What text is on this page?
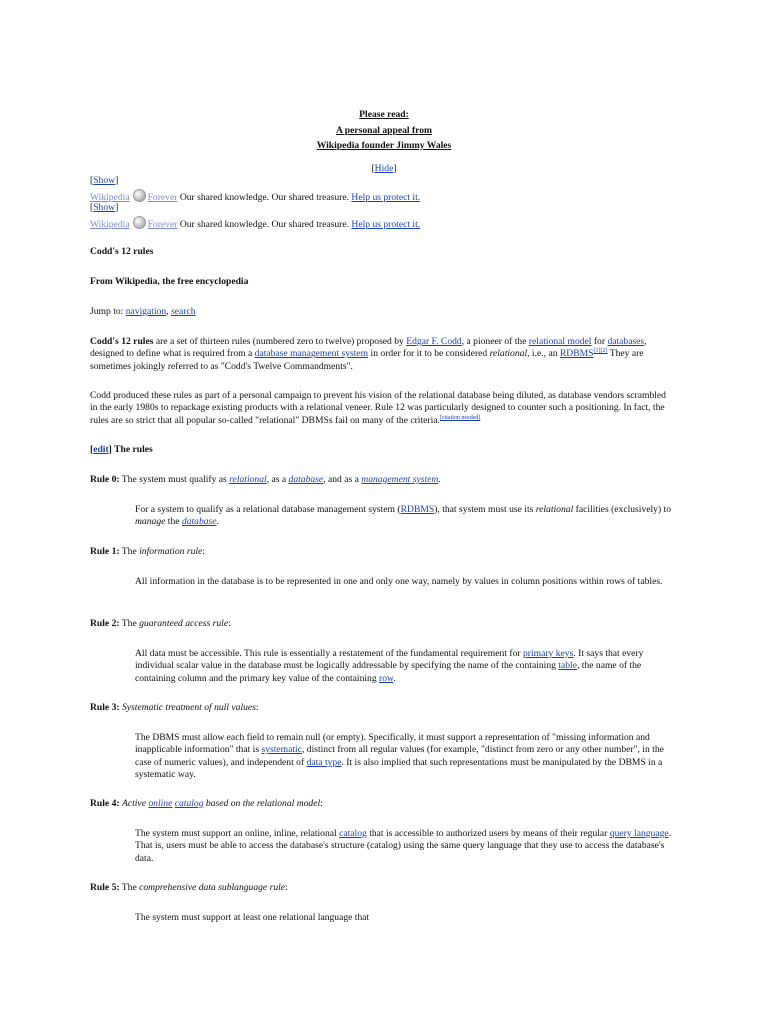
Please read:
A personal appeal from
Wikipedia founder Jimmy Wales
[Hide]
[Show]
Wikipedia Forever Our shared knowledge. Our shared treasure. Help us protect it.
[Show]
Wikipedia Forever Our shared knowledge. Our shared treasure. Help us protect it.
Codd's 12 rules
From Wikipedia, the free encyclopedia
Jump to: navigation, search
Codd's 12 rules are a set of thirteen rules (numbered zero to twelve) proposed by Edgar F. Codd, a pioneer of the relational model for databases, designed to define what is required from a database management system in order for it to be considered relational, i.e., an RDBMS[1][2] They are sometimes jokingly referred to as "Codd's Twelve Commandments".
Codd produced these rules as part of a personal campaign to prevent his vision of the relational database being diluted, as database vendors scrambled in the early 1980s to repackage existing products with a relational veneer. Rule 12 was particularly designed to counter such a positioning. In fact, the rules are so strict that all popular so-called "relational" DBMSs fail on many of the criteria.[citation needed]
[edit] The rules
Rule 0: The system must qualify as relational, as a database, and as a management system.
For a system to qualify as a relational database management system (RDBMS), that system must use its relational facilities (exclusively) to manage the database.
Rule 1: The information rule:
All information in the database is to be represented in one and only one way, namely by values in column positions within rows of tables.
Rule 2: The guaranteed access rule:
All data must be accessible. This rule is essentially a restatement of the fundamental requirement for primary keys. It says that every individual scalar value in the database must be logically addressable by specifying the name of the containing table, the name of the containing column and the primary key value of the containing row.
Rule 3: Systematic treatment of null values:
The DBMS must allow each field to remain null (or empty). Specifically, it must support a representation of "missing information and inapplicable information" that is systematic, distinct from all regular values (for example, "distinct from zero or any other number", in the case of numeric values), and independent of data type. It is also implied that such representations must be manipulated by the DBMS in a systematic way.
Rule 4: Active online catalog based on the relational model:
The system must support an online, inline, relational catalog that is accessible to authorized users by means of their regular query language. That is, users must be able to access the database's structure (catalog) using the same query language that they use to access the database's data.
Rule 5: The comprehensive data sublanguage rule:
The system must support at least one relational language that
